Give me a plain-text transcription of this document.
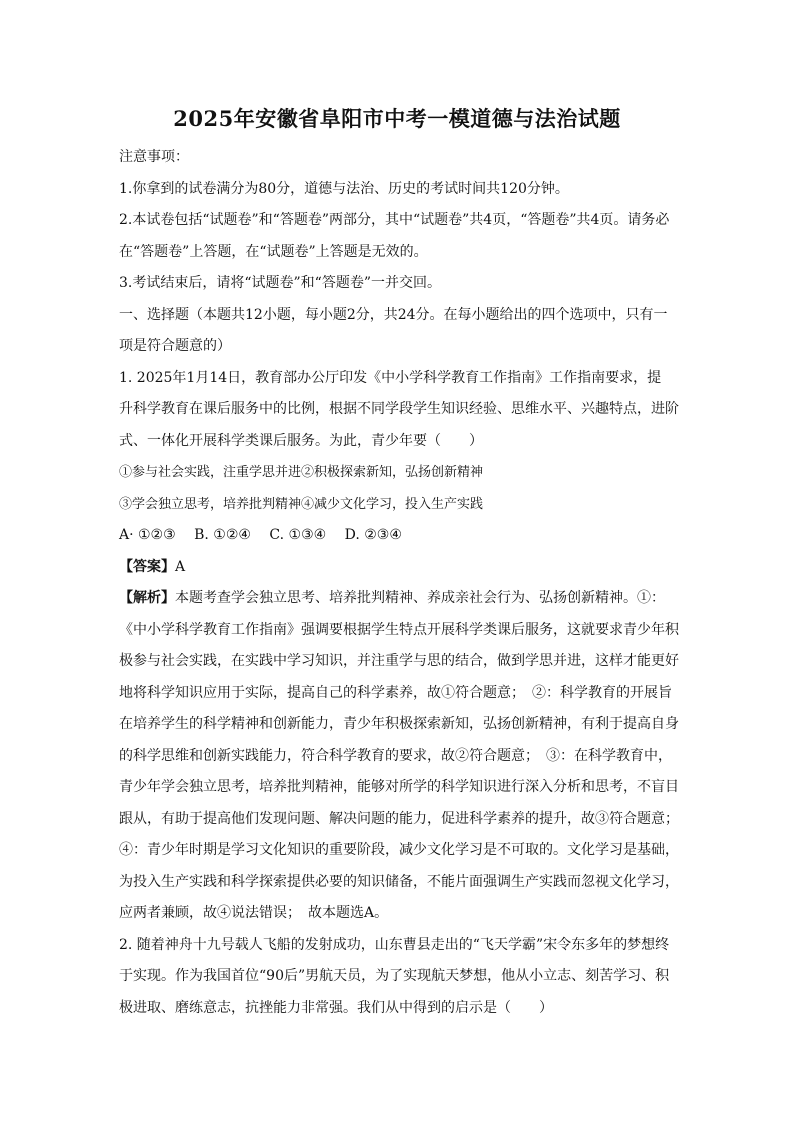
2025年安徽省阜阳市中考一模道德与法治试题
注意事项：
1.你拿到的试卷满分为80分，道德与法治、历史的考试时间共120分钟。
2.本试卷包括“试题卷”和“答题卷”两部分，其中“试题卷”共4页，“答题卷”共4页。请务必
在“答题卷”上答题，在“试题卷”上答题是无效的。
3.考试结束后，请将“试题卷”和“答题卷”一并交回。
一、选择题（本题共12小题，每小题2分，共24分。在每小题给出的四个选项中，只有一
项是符合题意的）
1. 2025年1月14日，教育部办公厅印发《中小学科学教育工作指南》工作指南要求，提
升科学教育在课后服务中的比例，根据不同学段学生知识经验、思维水平、兴趣特点，进阶
式、一体化开展科学类课后服务。为此，青少年要（　　）
①参与社会实践，注重学思并进②积极探索新知，弘扬创新精神
③学会独立思考，培养批判精神④减少文化学习，投入生产实践
A· ①②③　 B. ①②④　 C. ①③④　 D. ②③④
【答案】A
【解析】本题考查学会独立思考、培养批判精神、养成亲社会行为、弘扬创新精神。①：
《中小学科学教育工作指南》强调要根据学生特点开展科学类课后服务，这就要求青少年积
极参与社会实践，在实践中学习知识，并注重学与思的结合，做到学思并进，这样才能更好
地将科学知识应用于实际，提高自己的科学素养，故①符合题意；　②：科学教育的开展旨
在培养学生的科学精神和创新能力，青少年积极探索新知，弘扬创新精神，有利于提高自身
的科学思维和创新实践能力，符合科学教育的要求，故②符合题意；　③：在科学教育中，
青少年学会独立思考，培养批判精神，能够对所学的科学知识进行深入分析和思考，不盲目
跟从，有助于提高他们发现问题、解决问题的能力，促进科学素养的提升，故③符合题意；
④：青少年时期是学习文化知识的重要阶段，减少文化学习是不可取的。文化学习是基础，
为投入生产实践和科学探索提供必要的知识储备，不能片面强调生产实践而忽视文化学习，
应两者兼顾，故④说法错误；　故本题选A。
2. 随着神舟十九号载人飞船的发射成功，山东曹县走出的“飞天学霸”宋令东多年的梦想终
于实现。作为我国首位“90后”男航天员，为了实现航天梦想，他从小立志、刻苦学习、积
极进取、磨练意志，抗挫能力非常强。我们从中得到的启示是（　　）
